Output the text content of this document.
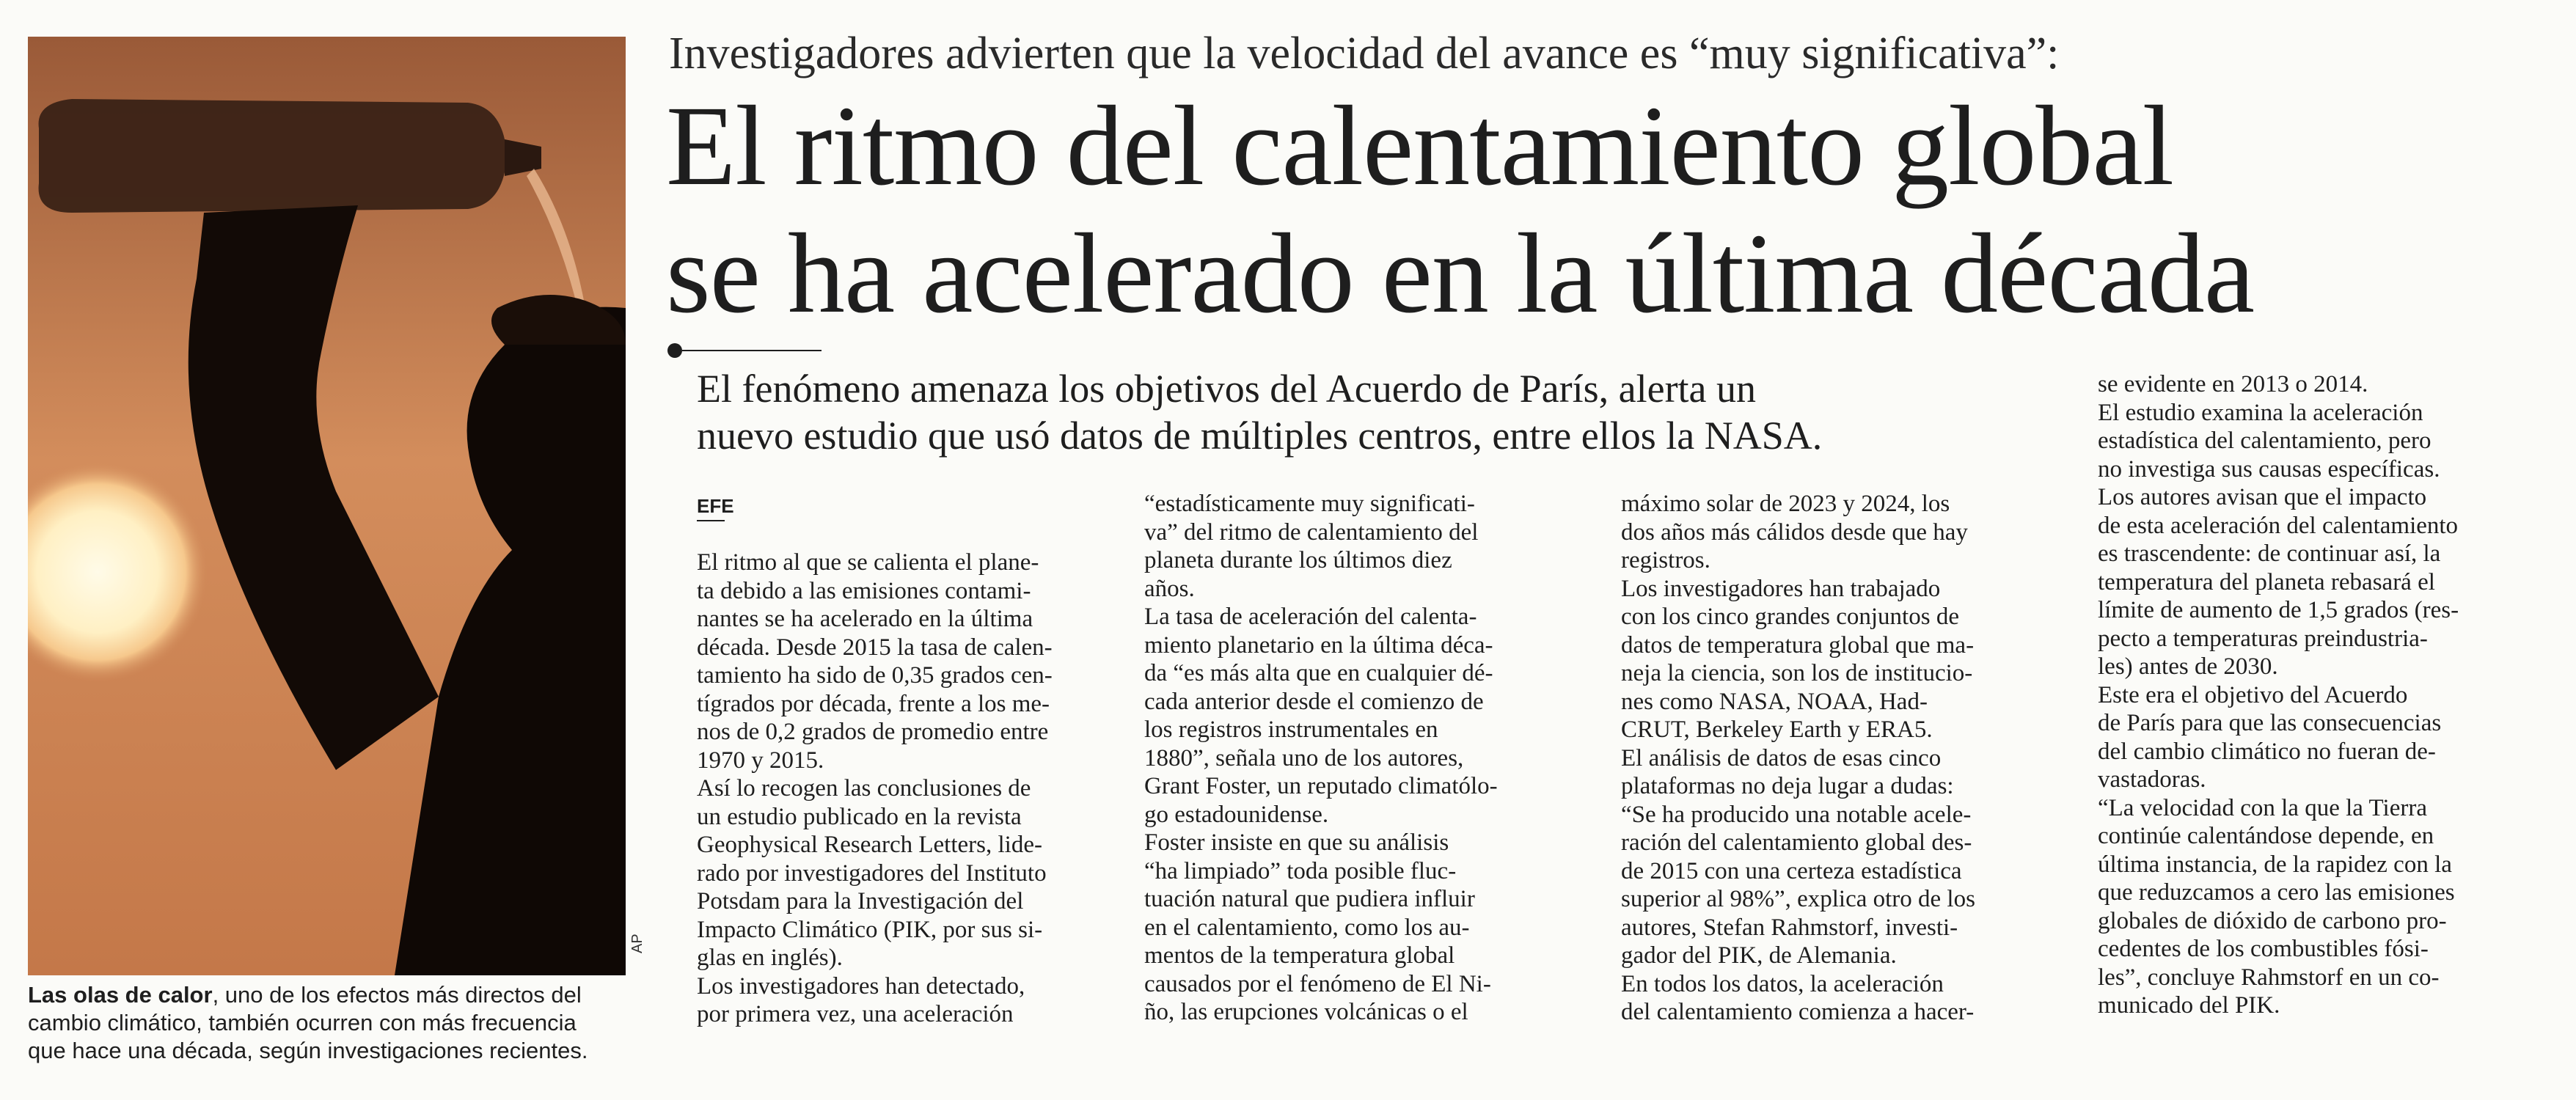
AP
Las olas de calor, uno de los efectos más directos del
cambio climático, también ocurren con más frecuencia
que hace una década, según investigaciones recientes.
Investigadores advierten que la velocidad del avance es “muy significativa”:
El ritmo del calentamiento global
se ha acelerado en la última década
El fenómeno amenaza los objetivos del Acuerdo de París, alerta un
nuevo estudio que usó datos de múltiples centros, entre ellos la NASA.
EFE
El ritmo al que se calienta el plane-
ta debido a las emisiones contami-
nantes se ha acelerado en la última
década. Desde 2015 la tasa de calen-
tamiento ha sido de 0,35 grados cen-
tígrados por década, frente a los me-
nos de 0,2 grados de promedio entre
1970 y 2015.
Así lo recogen las conclusiones de
un estudio publicado en la revista
Geophysical Research Letters, lide-
rado por investigadores del Instituto
Potsdam para la Investigación del
Impacto Climático (PIK, por sus si-
glas en inglés).
Los investigadores han detectado,
por primera vez, una aceleración
“estadísticamente muy significati-
va” del ritmo de calentamiento del
planeta durante los últimos diez
años.
La tasa de aceleración del calenta-
miento planetario en la última déca-
da “es más alta que en cualquier dé-
cada anterior desde el comienzo de
los registros instrumentales en
1880”, señala uno de los autores,
Grant Foster, un reputado climatólo-
go estadounidense.
Foster insiste en que su análisis
“ha limpiado” toda posible fluc-
tuación natural que pudiera influir
en el calentamiento, como los au-
mentos de la temperatura global
causados por el fenómeno de El Ni-
ño, las erupciones volcánicas o el
máximo solar de 2023 y 2024, los
dos años más cálidos desde que hay
registros.
Los investigadores han trabajado
con los cinco grandes conjuntos de
datos de temperatura global que ma-
neja la ciencia, son los de institucio-
nes como NASA, NOAA, Had-
CRUT, Berkeley Earth y ERA5.
El análisis de datos de esas cinco
plataformas no deja lugar a dudas:
“Se ha producido una notable acele-
ración del calentamiento global des-
de 2015 con una certeza estadística
superior al 98%”, explica otro de los
autores, Stefan Rahmstorf, investi-
gador del PIK, de Alemania.
En todos los datos, la aceleración
del calentamiento comienza a hacer-
se evidente en 2013 o 2014.
El estudio examina la aceleración
estadística del calentamiento, pero
no investiga sus causas específicas.
Los autores avisan que el impacto
de esta aceleración del calentamiento
es trascendente: de continuar así, la
temperatura del planeta rebasará el
límite de aumento de 1,5 grados (res-
pecto a temperaturas preindustria-
les) antes de 2030.
Este era el objetivo del Acuerdo
de París para que las consecuencias
del cambio climático no fueran de-
vastadoras.
“La velocidad con la que la Tierra
continúe calentándose depende, en
última instancia, de la rapidez con la
que reduzcamos a cero las emisiones
globales de dióxido de carbono pro-
cedentes de los combustibles fósi-
les”, concluye Rahmstorf en un co-
municado del PIK.
